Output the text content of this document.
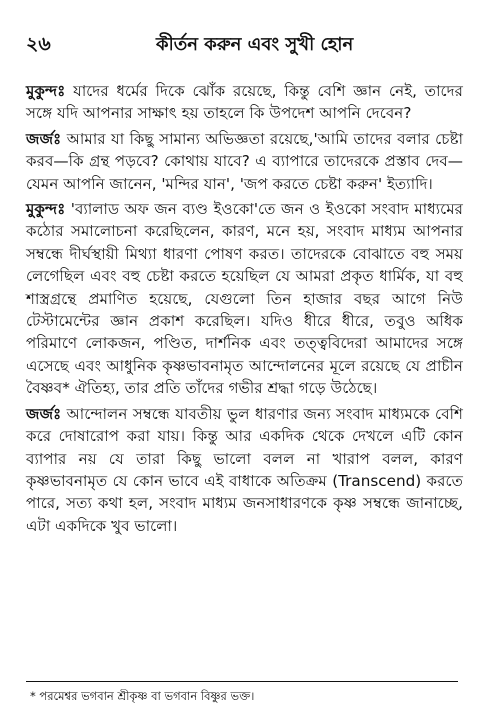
২৬	কীর্তন করুন এবং সুখী হোন

মুকুন্দঃ যাদের ধর্মের দিকে ঝোঁক রয়েছে, কিন্তু বেশি জ্ঞান নেই, তাদের সঙ্গে যদি আপনার সাক্ষাৎ হয় তাহলে কি উপদেশ আপনি দেবেন?

জর্জঃ আমার যা কিছু সামান্য অভিজ্ঞতা রয়েছে,'আমি তাদের বলার চেষ্টা করব—কি গ্রন্থ পড়বে? কোথায় যাবে? এ ব্যাপারে তাদেরকে প্রস্তাব দেব—যেমন আপনি জানেন, 'মন্দির যান', 'জপ করতে চেষ্টা করুন' ইত্যাদি।

মুকুন্দঃ 'ব্যালাড অফ জন ব্যণ্ড ইওকো'তে জন ও ইওকো সংবাদ মাধ্যমের কঠোর সমালোচনা করেছিলেন, কারণ, মনে হয়, সংবাদ মাধ্যম আপনার সম্বন্ধে দীর্ঘস্থায়ী মিথ্যা ধারণা পোষণ করত। তাদেরকে বোঝাতে বহু সময় লেগেছিল এবং বহু চেষ্টা করতে হয়েছিল যে আমরা প্রকৃত ধার্মিক, যা বহু শাস্ত্রগ্রন্থে প্রমাণিত হয়েছে, যেগুলো তিন হাজার বছর আগে নিউ টেস্টামেন্টের জ্ঞান প্রকাশ করেছিল। যদিও ধীরে ধীরে, তবুও অধিক পরিমাণে লোকজন, পণ্ডিত, দার্শনিক এবং তত্ত্ববিদেরা আমাদের সঙ্গে এসেছে এবং আধুনিক কৃষ্ণভাবনামৃত আন্দোলনের মূলে রয়েছে যে প্রাচীন বৈষ্ণব* ঐতিহ্য, তার প্রতি তাঁদের গভীর শ্রদ্ধা গড়ে উঠেছে।

জর্জঃ আন্দোলন সম্বন্ধে যাবতীয় ভুল ধারণার জন্য সংবাদ মাধ্যমকে বেশি করে দোষারোপ করা যায়। কিন্তু আর একদিক থেকে দেখলে এটি কোন ব্যাপার নয় যে তারা কিছু ভালো বলল না খারাপ বলল, কারণ কৃষ্ণভাবনামৃত যে কোন ভাবে এই বাধাকে অতিক্রম (Transcend) করতে পারে, সত্য কথা হল, সংবাদ মাধ্যম জনসাধারণকে কৃষ্ণ সম্বন্ধে জানাচ্ছে, এটা একদিকে খুব ভালো।

* পরমেশ্বর ভগবান শ্রীকৃষ্ণ বা ভগবান বিষ্ণুর ভক্ত।
